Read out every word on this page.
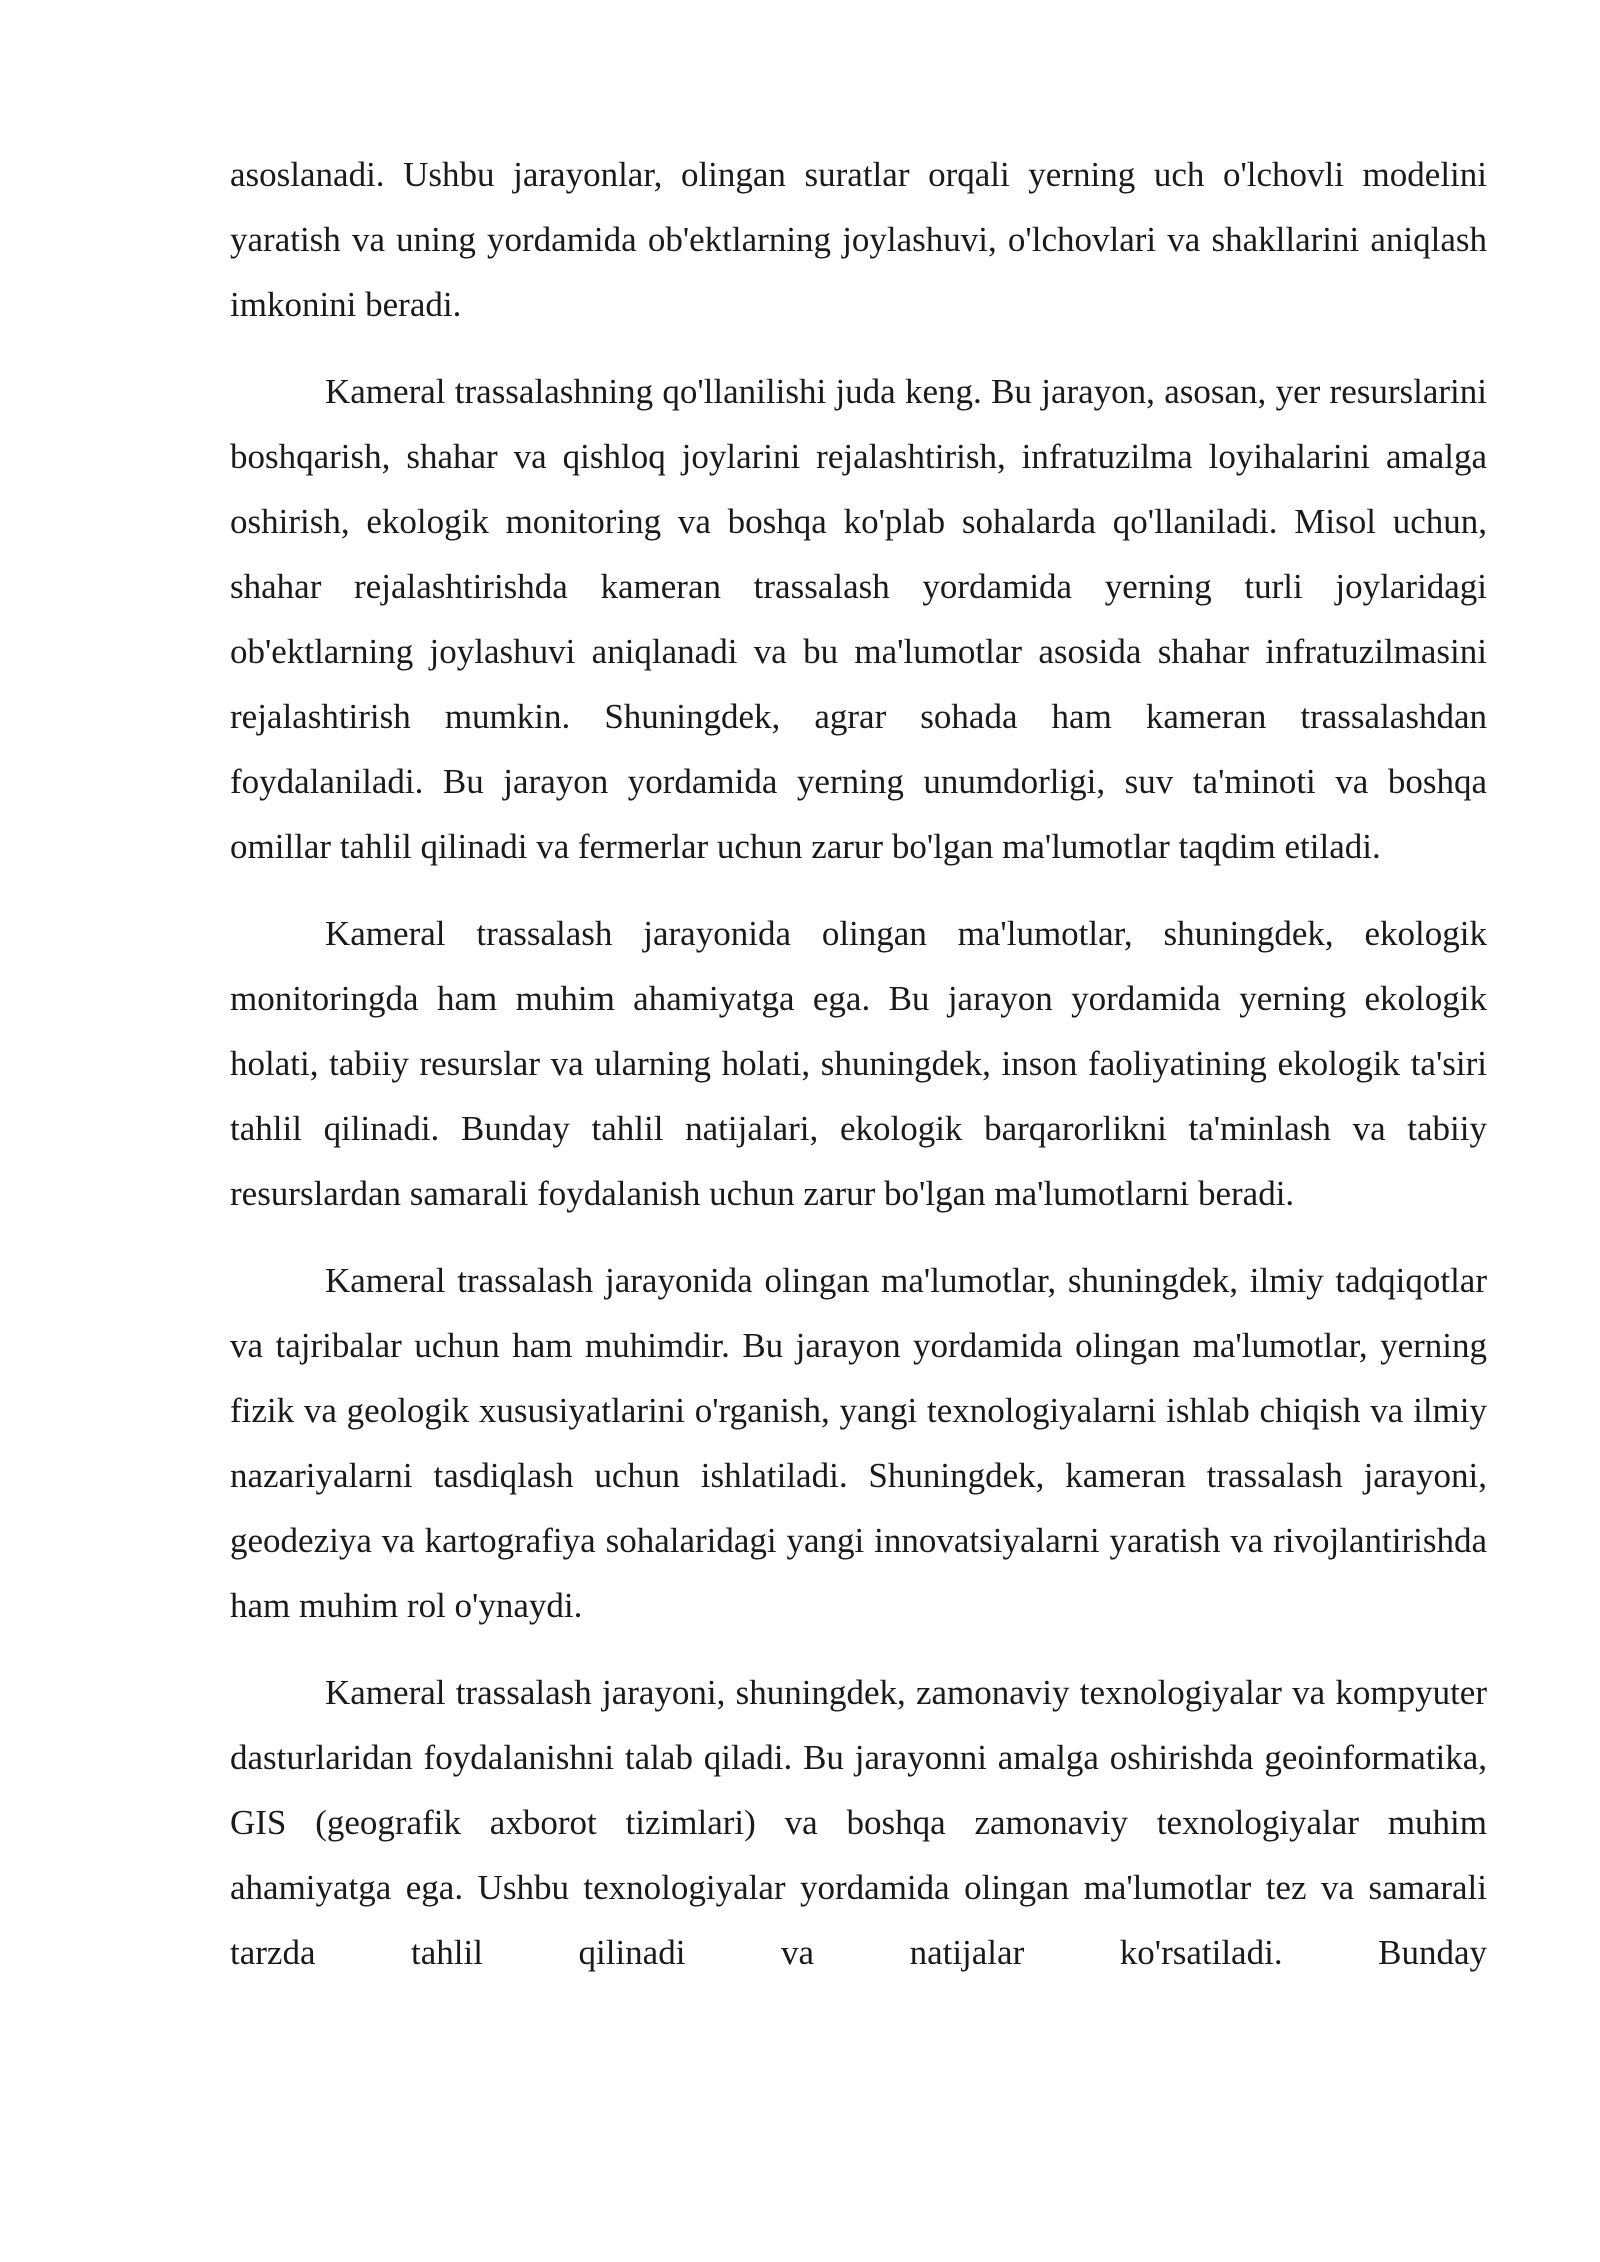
asoslanadi. Ushbu jarayonlar, olingan suratlar orqali yerning uch o'lchovli modelini yaratish va uning yordamida ob'ektlarning joylashuvi, o'lchovlari va shakllarini aniqlash imkonini beradi.

Kameral trassalashning qo'llanilishi juda keng. Bu jarayon, asosan, yer resurslarini boshqarish, shahar va qishloq joylarini rejalashtirish, infratuzilma loyihalarini amalga oshirish, ekologik monitoring va boshqa ko'plab sohalarda qo'llaniladi. Misol uchun, shahar rejalashtirishda kameran trassalash yordamida yerning turli joylaridagi ob'ektlarning joylashuvi aniqlanadi va bu ma'lumotlar asosida shahar infratuzilmasini rejalashtirish mumkin. Shuningdek, agrar sohada ham kameran trassalashdan foydalaniladi. Bu jarayon yordamida yerning unumdorligi, suv ta'minoti va boshqa omillar tahlil qilinadi va fermerlar uchun zarur bo'lgan ma'lumotlar taqdim etiladi.

Kameral trassalash jarayonida olingan ma'lumotlar, shuningdek, ekologik monitoringda ham muhim ahamiyatga ega. Bu jarayon yordamida yerning ekologik holati, tabiiy resurslar va ularning holati, shuningdek, inson faoliyatining ekologik ta'siri tahlil qilinadi. Bunday tahlil natijalari, ekologik barqarorlikni ta'minlash va tabiiy resurslardan samarali foydalanish uchun zarur bo'lgan ma'lumotlarni beradi.

Kameral trassalash jarayonida olingan ma'lumotlar, shuningdek, ilmiy tadqiqotlar va tajribalar uchun ham muhimdir. Bu jarayon yordamida olingan ma'lumotlar, yerning fizik va geologik xususiyatlarini o'rganish, yangi texnologiyalarni ishlab chiqish va ilmiy nazariyalarni tasdiqlash uchun ishlatiladi. Shuningdek, kameran trassalash jarayoni, geodeziya va kartografiya sohalaridagi yangi innovatsiyalarni yaratish va rivojlantirishda ham muhim rol o'ynaydi.

Kameral trassalash jarayoni, shuningdek, zamonaviy texnologiyalar va kompyuter dasturlaridan foydalanishni talab qiladi. Bu jarayonni amalga oshirishda geoinformatika, GIS (geografik axborot tizimlari) va boshqa zamonaviy texnologiyalar muhim ahamiyatga ega. Ushbu texnologiyalar yordamida olingan ma'lumotlar tez va samarali tarzda tahlil qilinadi va natijalar ko'rsatiladi. Bunday
